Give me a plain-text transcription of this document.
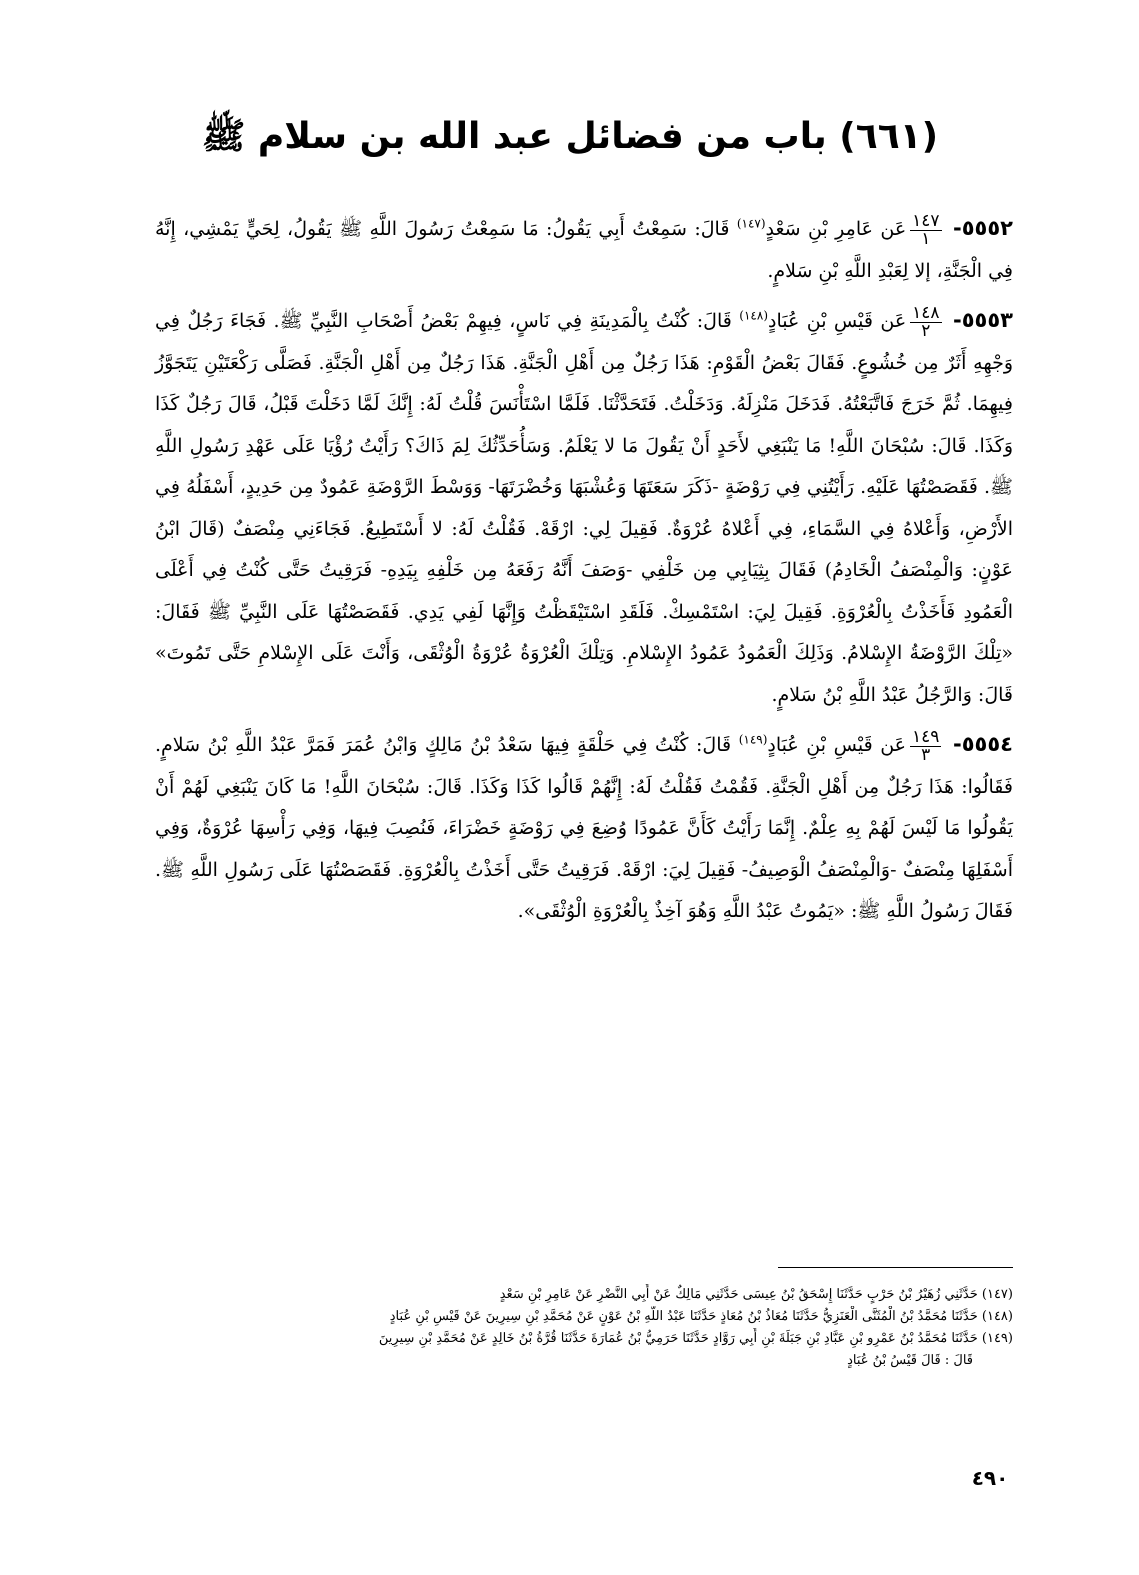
(٦٦١) باب من فضائل عبد الله بن سلام ﷺ

٥٥٥٢-
$\frac{١٤٧}{١}$
عَن عَامِرِ بْنِ سَعْدٍ$^{(١٤٧)}$ قَالَ: سَمِعْتُ أَبِي يَقُولُ: مَا سَمِعْتُ رَسُولَ اللَّهِ ﷺ يَقُولُ، لِحَيٍّ يَمْشِي، إِنَّهُ فِي الْجَنَّةِ، إلا لِعَبْدِ اللَّهِ بْنِ سَلامٍ.

٥٥٥٣-
$\frac{١٤٨}{٢}$
عَن قَيْسِ بْنِ عُبَادٍ$^{(١٤٨)}$ قَالَ: كُنْتُ بِالْمَدِينَةِ فِي نَاسٍ، فِيهِمْ بَعْضُ أَصْحَابِ النَّبِيِّ ﷺ. فَجَاءَ رَجُلٌ فِي وَجْهِهِ أَثَرٌ مِن خُشُوعٍ. فَقَالَ بَعْضُ الْقَوْمِ: هَذَا رَجُلٌ مِن أَهْلِ الْجَنَّةِ. هَذَا رَجُلٌ مِن أَهْلِ الْجَنَّةِ. فَصَلَّى رَكْعَتَيْنِ يَتَجَوَّزُ فِيهِمَا. ثُمَّ خَرَجَ فَاتَّبَعْتُهُ. فَدَخَلَ مَنْزِلَهُ. وَدَخَلْتُ. فَتَحَدَّثْنَا. فَلَمَّا اسْتَأْنَسَ قُلْتُ لَهُ: إِنَّكَ لَمَّا دَخَلْتَ قَبْلُ، قَالَ رَجُلٌ كَذَا وَكَذَا. قَالَ: سُبْحَانَ اللَّهِ! مَا يَنْبَغِي لأَحَدٍ أَنْ يَقُولَ مَا لا يَعْلَمُ. وَسَأُحَدِّثُكَ لِمَ ذَاكَ؟ رَأَيْتُ رُؤْيَا عَلَى عَهْدِ رَسُولِ اللَّهِ ﷺ. فَقَصَصْتُهَا عَلَيْهِ. رَأَيْتُنِي فِي رَوْضَةٍ -ذَكَرَ سَعَتَهَا وَعُشْبَهَا وَخُضْرَتَهَا- وَوَسْطَ الرَّوْضَةِ عَمُودٌ مِن حَدِيدٍ، أَسْفَلُهُ فِي الأَرْضِ، وَأَعْلاهُ فِي السَّمَاءِ، فِي أَعْلاهُ عُرْوَةٌ. فَقِيلَ لِي: ارْقَهْ. فَقُلْتُ لَهُ: لا أَسْتَطِيعُ. فَجَاءَنِي مِنْصَفٌ (قَالَ ابْنُ عَوْنٍ: وَالْمِنْصَفُ الْخَادِمُ) فَقَالَ بِثِيَابِي مِن خَلْفِي -وَصَفَ أَنَّهُ رَفَعَهُ مِن خَلْفِهِ بِيَدِهِ- فَرَقِيتُ حَتَّى كُنْتُ فِي أَعْلَى الْعَمُودِ فَأَخَذْتُ بِالْعُرْوَةِ. فَقِيلَ لِيَ: اسْتَمْسِكْ. فَلَقَدِ اسْتَيْقَظْتُ وَإِنَّهَا لَفِي يَدِي. فَقَصَصْتُهَا عَلَى النَّبِيِّ ﷺ فَقَالَ: «تِلْكَ الرَّوْضَةُ الإِسْلامُ. وَذَلِكَ الْعَمُودُ عَمُودُ الإِسْلامِ. وَتِلْكَ الْعُرْوَةُ عُرْوَةُ الْوُثْقَى، وَأَنْتَ عَلَى الإِسْلامِ حَتَّى تَمُوتَ» قَالَ: وَالرَّجُلُ عَبْدُ اللَّهِ بْنُ سَلامٍ.

٥٥٥٤-
$\frac{١٤٩}{٣}$
عَن قَيْسِ بْنِ عُبَادٍ$^{(١٤٩)}$ قَالَ: كُنْتُ فِي حَلْقَةٍ فِيهَا سَعْدُ بْنُ مَالِكٍ وَابْنُ عُمَرَ فَمَرَّ عَبْدُ اللَّهِ بْنُ سَلامٍ. فَقَالُوا: هَذَا رَجُلٌ مِن أَهْلِ الْجَنَّةِ. فَقُمْتُ فَقُلْتُ لَهُ: إِنَّهُمْ قَالُوا كَذَا وَكَذَا. قَالَ: سُبْحَانَ اللَّهِ! مَا كَانَ يَنْبَغِي لَهُمْ أَنْ يَقُولُوا مَا لَيْسَ لَهُمْ بِهِ عِلْمٌ. إِنَّمَا رَأَيْتُ كَأَنَّ عَمُودًا وُضِعَ فِي رَوْضَةٍ خَضْرَاءَ، فَنُصِبَ فِيهَا، وَفِي رَأْسِهَا عُرْوَةٌ، وَفِي أَسْفَلِهَا مِنْصَفٌ -وَالْمِنْصَفُ الْوَصِيفُ- فَقِيلَ لِيَ: ارْقَهْ. فَرَقِيتُ حَتَّى أَخَذْتُ بِالْعُرْوَةِ. فَقَصَصْتُهَا عَلَى رَسُولِ اللَّهِ ﷺ. فَقَالَ رَسُولُ اللَّهِ ﷺ: «يَمُوتُ عَبْدُ اللَّهِ وَهُوَ آخِذٌ بِالْعُرْوَةِ الْوُثْقَى».

(١٤٧) حَدَّثَنِي زُهَيْرُ بْنُ حَرْبٍ حَدَّثَنَا إِسْحَقُ بْنُ عِيسَى حَدَّثَنِي مَالِكٌ عَنْ أَبِي النَّضْرِ عَنْ عَامِرِ بْنِ سَعْدٍ
(١٤٨) حَدَّثَنَا مُحَمَّدُ بْنُ الْمُثَنَّى الْعَنَزِيُّ حَدَّثَنَا مُعَاذُ بْنُ مُعَاذٍ حَدَّثَنَا عَبْدُ اللَّهِ بْنُ عَوْنٍ عَنْ مُحَمَّدِ بْنِ سِيرِينَ عَنْ قَيْسِ بْنِ عُبَادٍ
(١٤٩) حَدَّثَنَا مُحَمَّدُ بْنُ عَمْرِو بْنِ عَبَّادِ بْنِ جَبَلَةَ بْنِ أَبِي رَوَّادٍ حَدَّثَنَا حَرَمِيُّ بْنُ عُمَارَةَ حَدَّثَنَا قُرَّةُ بْنُ خَالِدٍ عَنْ مُحَمَّدِ بْنِ سِيرِينَ
قَالَ : قَالَ قَيْسُ بْنُ عُبَادٍ
٤٩٠
